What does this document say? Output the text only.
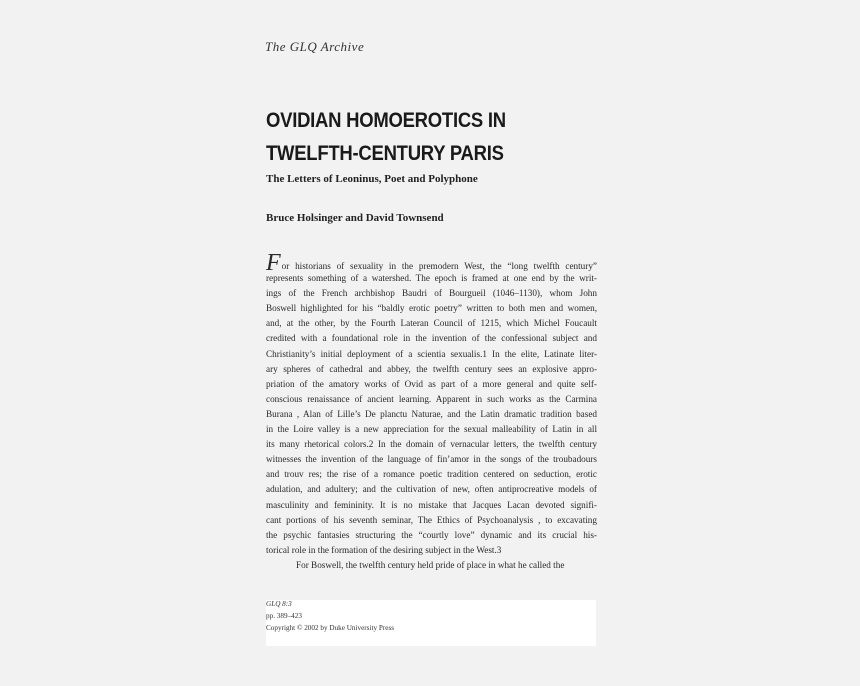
The GLQ Archive
OVIDIAN HOMOEROTICS IN
TWELFTH-CENTURY PARIS
The Letters of Leoninus, Poet and Polyphone
Bruce Holsinger and David Townsend
For historians of sexuality in the premodern West, the “long twelfth century”
represents something of a watershed. The epoch is framed at one end by the writ-
ings of the French archbishop Baudri of Bourgueil (1046–1130), whom John
Boswell highlighted for his “baldly erotic poetry” written to both men and women,
and, at the other, by the Fourth Lateran Council of 1215, which Michel Foucault
credited with a foundational role in the invention of the confessional subject and
Christianity’s initial deployment of a scientia sexualis.1 In the elite, Latinate liter-
ary spheres of cathedral and abbey, the twelfth century sees an explosive appro-
priation of the amatory works of Ovid as part of a more general and quite self-
conscious renaissance of ancient learning. Apparent in such works as the Carmina
Burana , Alan of Lille’s De planctu Naturae, and the Latin dramatic tradition based
in the Loire valley is a new appreciation for the sexual malleability of Latin in all
its many rhetorical colors.2 In the domain of vernacular letters, the twelfth century
witnesses the invention of the language of fin’amor in the songs of the troubadours
and trouv res; the rise of a romance poetic tradition centered on seduction, erotic
adulation, and adultery; and the cultivation of new, often antiprocreative models of
masculinity and femininity. It is no mistake that Jacques Lacan devoted signifi-
cant portions of his seventh seminar, The Ethics of Psychoanalysis , to excavating
the psychic fantasies structuring the “courtly love” dynamic and its crucial his-
torical role in the formation of the desiring subject in the West.3
For Boswell, the twelfth century held pride of place in what he called the
GLQ 8:3
pp. 389–423
Copyright © 2002 by Duke University Press
